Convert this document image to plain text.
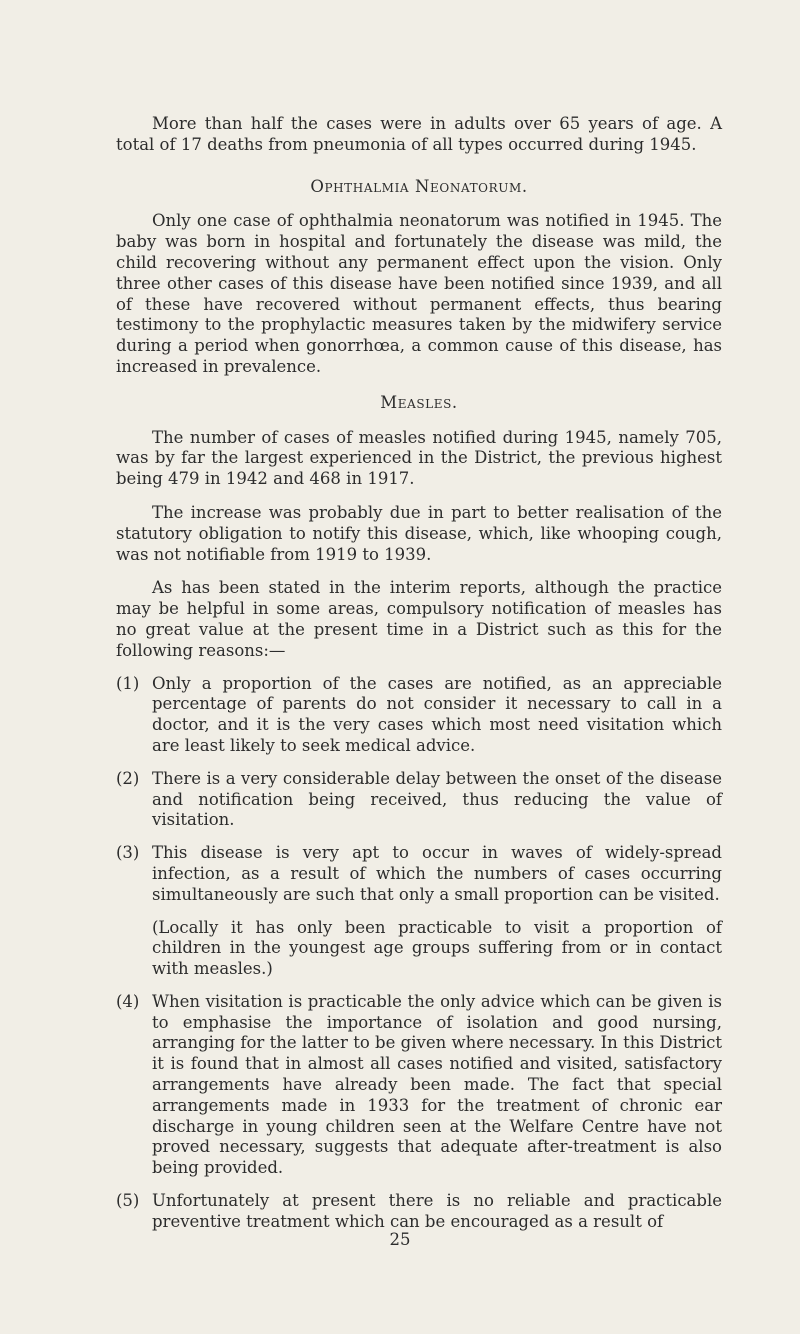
More than half the cases were in adults over 65 years of age. A total of 17 deaths from pneumonia of all types occurred during 1945.

Ophthalmia Neonatorum.

Only one case of ophthalmia neonatorum was notified in 1945. The baby was born in hospital and fortunately the disease was mild, the child recovering without any permanent effect upon the vision. Only three other cases of this disease have been notified since 1939, and all of these have recovered without permanent effects, thus bearing testimony to the prophylactic measures taken by the midwifery service during a period when gonorrhœa, a common cause of this disease, has increased in prevalence.

Measles.

The number of cases of measles notified during 1945, namely 705, was by far the largest experienced in the District, the previous highest being 479 in 1942 and 468 in 1917.

The increase was probably due in part to better realisation of the statutory obligation to notify this disease, which, like whooping cough, was not notifiable from 1919 to 1939.

As has been stated in the interim reports, although the practice may be helpful in some areas, compulsory notification of measles has no great value at the present time in a District such as this for the following reasons:—

(1) Only a proportion of the cases are notified, as an appreciable percentage of parents do not consider it necessary to call in a doctor, and it is the very cases which most need visitation which are least likely to seek medical advice.
(2) There is a very considerable delay between the onset of the disease and notification being received, thus reducing the value of visitation.
(3) This disease is very apt to occur in waves of widely-spread infection, as a result of which the numbers of cases occurring simultaneously are such that only a small proportion can be visited.

(Locally it has only been practicable to visit a proportion of children in the youngest age groups suffering from or in contact with measles.)

(4) When visitation is practicable the only advice which can be given is to emphasise the importance of isolation and good nursing, arranging for the latter to be given where necessary. In this District it is found that in almost all cases notified and visited, satisfactory arrangements have already been made. The fact that special arrangements made in 1933 for the treatment of chronic ear discharge in young children seen at the Welfare Centre have not proved necessary, suggests that adequate after-treatment is also being provided.
(5) Unfortunately at present there is no reliable and practicable preventive treatment which can be encouraged as a result of
25
